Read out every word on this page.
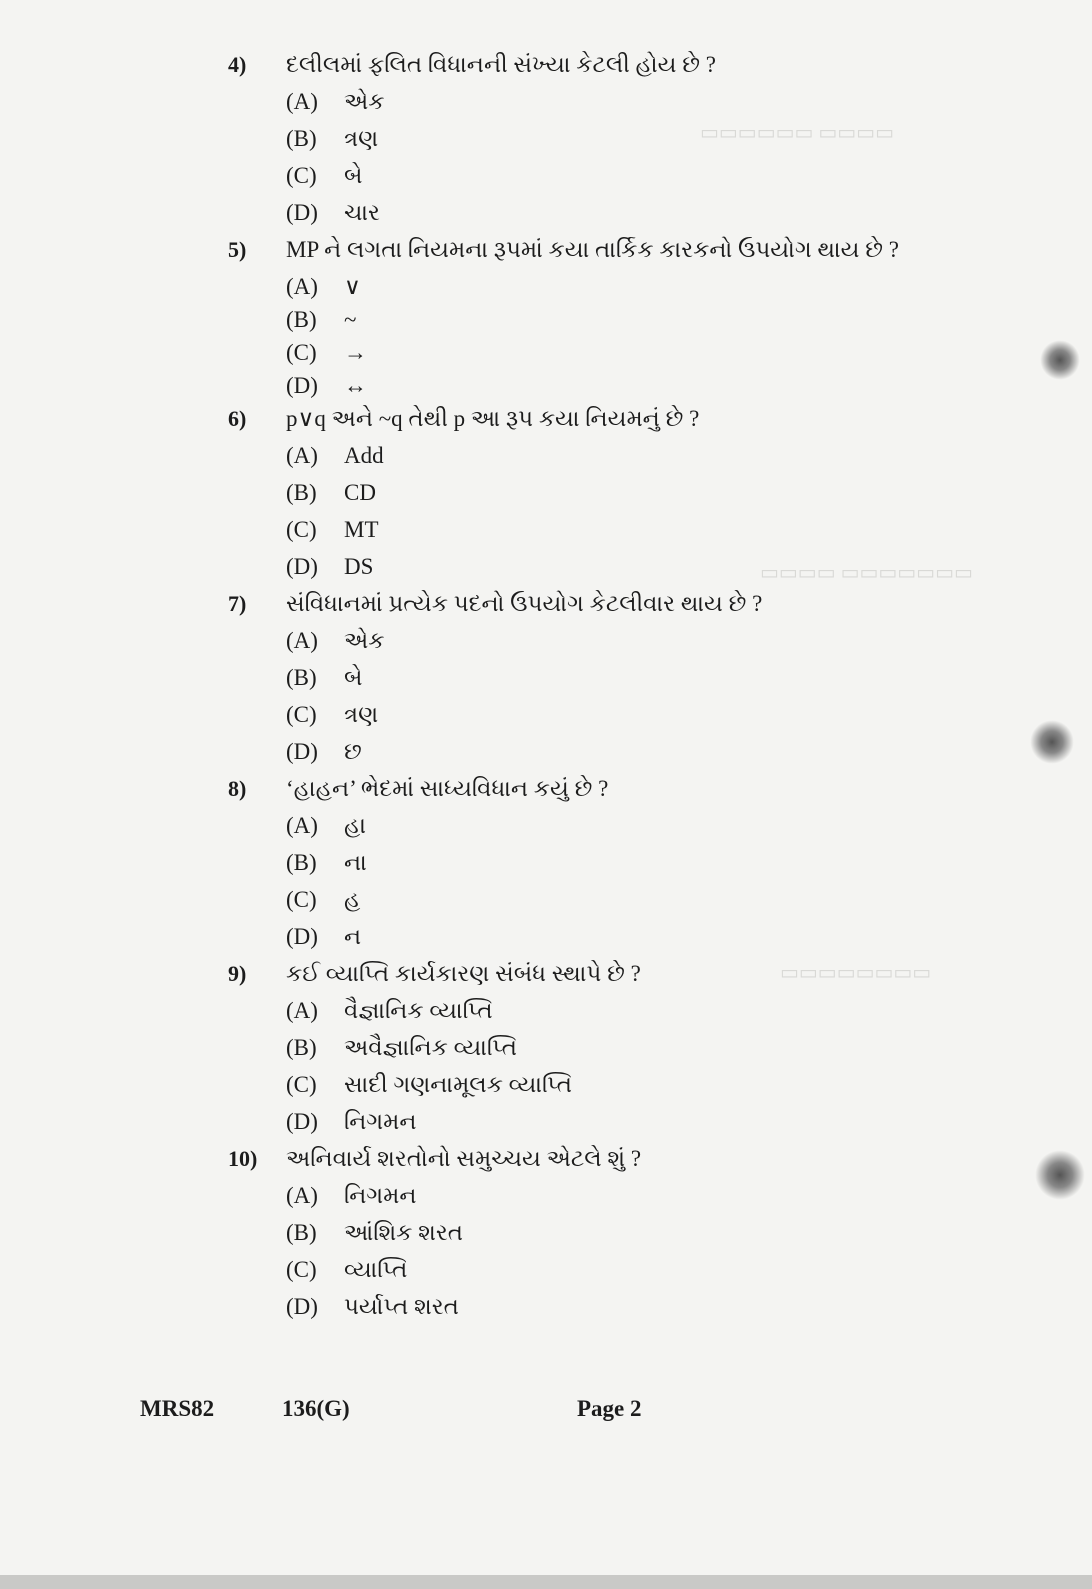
▭▭▭▭▭▭ ▭▭▭▭
▭▭▭▭ ▭▭▭▭▭▭▭
▭▭▭▭▭▭▭▭
4)	દલીલમાં ફલિત વિધાનની સંખ્યા કેટલી હોય છે ?
(A)	એક
(B)	ત્રણ
(C)	બે
(D)	ચાર
5)	MP ને લગતા નિયમના રૂપમાં કયા તાર્કિક કારકનો ઉપયોગ થાય છે ?
(A)	∨
(B)	~
(C)	→
(D)	↔
6)	p∨q અને ~q તેથી p આ રૂપ કયા નિયમનું છે ?
(A)	Add
(B)	CD
(C)	MT
(D)	DS
7)	સંવિધાનમાં પ્રત્યેક પદનો ઉપયોગ કેટલીવાર થાય છે ?
(A)	એક
(B)	બે
(C)	ત્રણ
(D)	છ
8)	‘હાહન’ ભેદમાં સાધ્યવિધાન કયું છે ?
(A)	હા
(B)	ના
(C)	હ
(D)	ન
9)	કઈ વ્યાપ્તિ કાર્યકારણ સંબંધ સ્થાપે છે ?
(A)	વૈજ્ઞાનિક વ્યાપ્તિ
(B)	અવૈજ્ઞાનિક વ્યાપ્તિ
(C)	સાદી ગણનામૂલક વ્યાપ્તિ
(D)	નિગમન
10)	અનિવાર્ય શરતોનો સમુચ્ચય એટલે શું ?
(A)	નિગમન
(B)	આંશિક શરત
(C)	વ્યાપ્તિ
(D)	પર્યાપ્ત શરત
MRS82	136(G)	Page 2
